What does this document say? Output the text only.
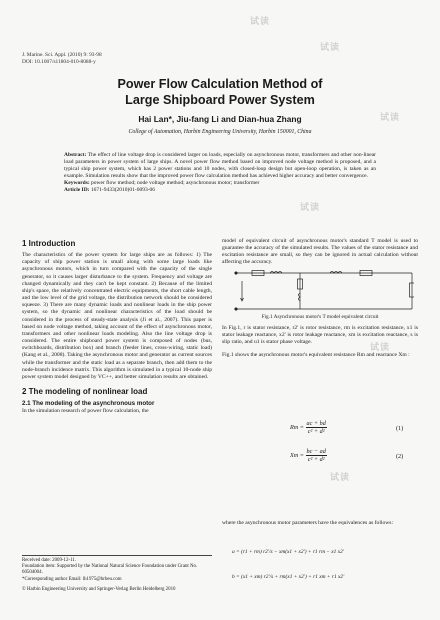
试读
试读
试读
试读
试读
试读
J. Marine. Sci. Appl. (2010) 9: 93-98
DOI: 10.1007/s11804-010-8088-y
Power Flow Calculation Method of
Large Shipboard Power System
Hai Lan*, Jiu-fang Li and Dian-hua Zhang
College of Automation, Harbin Engineering University, Harbin 150001, China
Abstract: The effect of line voltage drop is considered larger on loads, especially on asynchronous motor, transformers and other non-linear load parameters in power system of large ships. A novel power flow method based on improved node voltage method is proposed, and a typical ship power system, which has 2 power stations and 10 nodes, with closed-loop design but open-loop operation, is taken as an example. Simulation results show that the improved power flow calculation method has achieved higher accuracy and better convergence.
Keywords: power flow method; node voltage method; asynchronous motor; transformer
Article ID: 1671-9433(2010)01-0093-06
1 Introduction

The characteristics of the power system for large ships are as follows: 1) The capacity of ship power station is small along with some large loads like asynchronous motors, which in turn compared with the capacity of the single generator, so it causes larger disturbance to the system. Frequency and voltage are changed dynamically and they can't be kept constant. 2) Because of the limited ship's space, the relatively concentrated electric equipments, the short cable length, and the low level of the grid voltage, the distribution network should be considered squeeze. 3) There are many dynamic loads and nonlinear loads in the ship power system, so the dynamic and nonlinear characteristics of the load should be considered in the process of steady-state analysis (Ji et al., 2007). This paper is based on node voltage method, taking account of the effect of asynchronous motor, transformers and other nonlinear loads modeling. Also the line voltage drop is considered. The entire shipboard power system is composed of nodes (bus, switchboards, distribution box) and branch (feeder lines, cross-wiring, static load) (Kang et al., 2008). Taking the asynchronous motor and generator as current sources while the transformer and the static load as a separate branch, then add them to the node-branch incidence matrix. This algorithm is simulated in a typical 10-node ship power system model designed by VC++, and better simulation results are obtained.

2 The modeling of nonlinear load
2.1 The modeling of the asynchronous motor

In the simulation research of power flow calculation, the

model of equivalent circuit of asynchronous motor's standard T model is used to guarantee the accuracy of the simulated results. The values of the stator resistance and excitation resistance are small, so they can be ignored in actual calculation without affecting the accuracy.

Fig.1 Asynchronous motor's T model equivalent circuit

In Fig.1, r is stator resistance, r2' is rotor resistance, rm is excitation resistance, x1 is stator leakage reactance, x2' is rotor leakage reactance, xm is excitation reactance, s is slip ratio, and u1 is stator phase voltage.

Fig.1 shows the asynchronous motor's equivalent resistance Rm and reactance Xm :

$Rm = \frac{ac + bd}{\text{c² + d²}}$	(1)
$Xm = \frac{bc - ad}{\text{c² + d²}}$	(2)

where the asynchronous motor parameters have the equivalences as follows:

a = (r1 + rm) r2'/s − xm(x1 + x2') + r1 rm − x1 x2'
b = (x1 + xm) r2'/s + rm(x1 + x2') + r1 xm + r1 x2'
Received date: 2009-12-11.
Foundation item: Supported by the National Natural Science Foundation under Grant No. 60504004.
*Corresponding author Email: lh1975@hrbeu.com
© Harbin Engineering University and Springer-Verlag Berlin Heidelberg 2010
